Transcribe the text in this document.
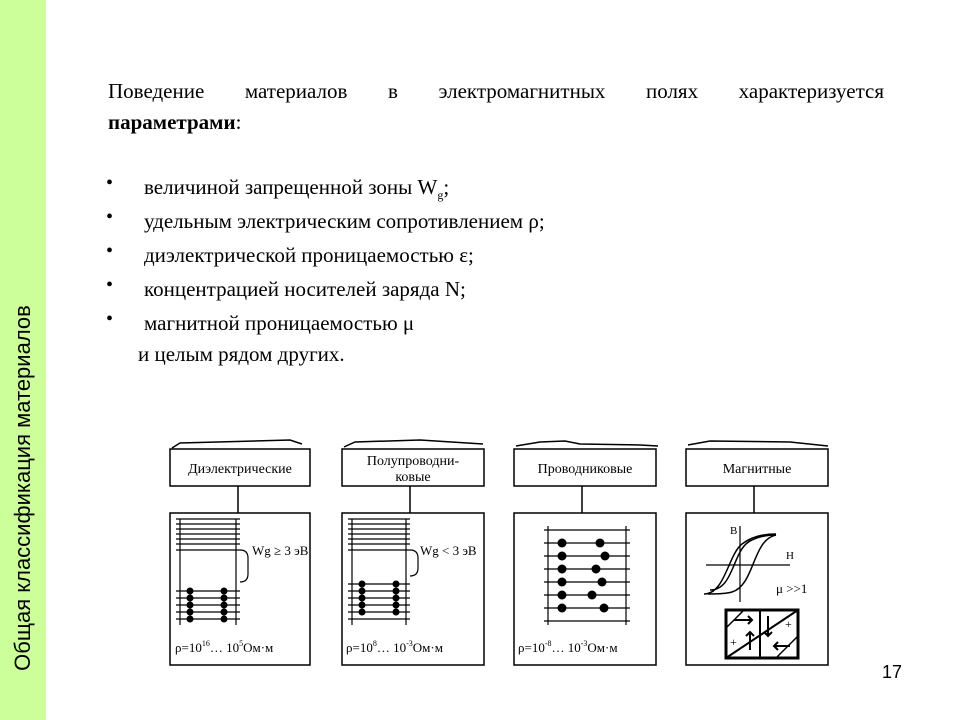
Общая классификация материалов
Поведение материалов в электромагнитных полях характеризуется
параметрами:
• величиной запрещенной зоны $W_g$;
• удельным электрическим сопротивлением ρ;
• диэлектрической проницаемостью ε;
• концентрацией носителей заряда N;
• магнитной проницаемостью μ
и целым рядом других.
Диэлектрические
Полупроводни-
ковые
Проводниковые	Магнитные
Wg ≥ 3 эВ
$\rho=10^{16}\dots$ $10^5Ом\cdot м$
Wg < 3 эВ
$\rho=10^8\dots$ $10^{-3}Ом\cdot м$	$\rho=10^{-8}\dots$ $10^{-3}Ом\cdot м$
B
H
μ >>1
+
+
17
